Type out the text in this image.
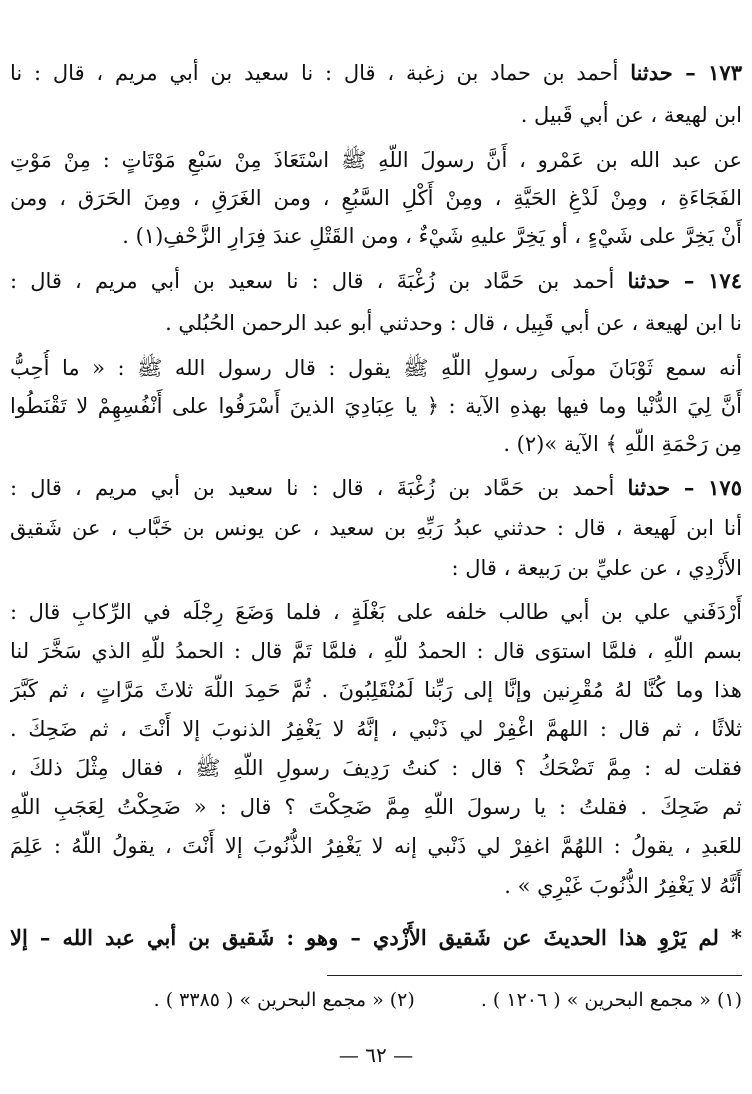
١٧٣ – حدثنا أحمد بن حماد بن زغبة ، قال : نا سعيد بن أبي مريم ، قال : نا
ابن لهيعة ، عن أبي قَبيل .
عن عبد الله بن عَمْرو ، أَنَّ رسولَ اللّهِ ﷺ اسْتَعَاذَ مِنْ سَبْعِ مَوْتَاتٍ : مِنْ مَوْتِ
الفَجَاءَةِ ، ومِنْ لَدْغِ الحَيَّةِ ، ومِنْ أَكْلِ السَّبُعِ ، ومن الغَرَقِ ، ومِنَ الحَرَق ، ومن
أَنْ يَخِرَّ على شَيْءٍ ، أو يَخِرَّ عليهِ شَيْءٌ ، ومن القَتْلِ عندَ فِرَارِ الزَّحْفِ(١) .
١٧٤ – حدثنا أحمد بن حَمَّاد بن زُغْبَةَ ، قال : نا سعيد بن أبي مريم ، قال :
نا ابن لهيعة ، عن أبي قَبِيل ، قال : وحدثني أبو عبد الرحمن الحُبُلي .
أنه سمع ثَوْبَانَ مولَى رسولِ اللّهِ ﷺ يقول : قال رسول الله ﷺ : « ما أُحِبُّ
أَنَّ لِيَ الدُّنْيا وما فيها بهذهِ الآية : ﴿ يا عِبَادِيَ الذينَ أَسْرَفُوا على أَنْفُسِهِمْ لا تَقْنَطُوا
مِن رَحْمَةِ اللّهِ ﴾ الآية »(٢) .
١٧٥ – حدثنا أحمد بن حَمَّاد بن زُغْبَةَ ، قال : نا سعيد بن أبي مريم ، قال :
أنا ابن لَهيعة ، قال : حدثني عبدُ رَبِّهِ بن سعيد ، عن يونس بن خَبَّاب ، عن شَقيق
الأَزْدِي ، عن عليِّ بن رَبيعة ، قال :
أَرْدَفَني علي بن أبي طالب خلفه على بَغْلَةٍ ، فلما وَضَعَ رِجْلَه في الرِّكابِ قال :
بسم اللّهِ ، فلمَّا استوَى قال : الحمدُ للّهِ ، فلمَّا تَمَّ قال : الحمدُ للّهِ الذي سَخَّرَ لنا
هذا وما كُنَّا لهُ مُقْرِنين وإنَّا إلى رَبِّنا لَمُنْقَلِبُونَ . ثُمَّ حَمِدَ اللّهَ ثلاثَ مَرَّاتٍ ، ثم كَبَّرَ
ثلاثًا ، ثم قال : اللهمَّ اغْفِرْ لي ذَنْبي ، إنَّهُ لا يَغْفِرُ الذنوبَ إلا أَنْتَ ، ثم ضَحِكَ .
فقلت له : مِمَّ تَضْحَكُ ؟ قال : كنتُ رَدِيفَ رسولِ اللّهِ ﷺ ، فقال مِثْلَ ذلكَ ،
ثم ضَحِكَ . فقلتُ : يا رسولَ اللّهِ مِمَّ ضَحِكْتَ ؟ قال : « ضَحِكْتُ لِعَجَبِ اللّهِ
للعَبدِ ، يقولُ : اللهُمَّ اغفِرْ لي ذَنْبي إنه لا يَغْفِرُ الذُّنُوبَ إلا أَنْتَ ، يقولُ اللّهُ : عَلِمَ
أَنَّهُ لا يَغْفِرُ الذُّنُوبَ غَيْرِي » .
* لم يَرْوِ هذا الحديثَ عن شَقيق الأَزْدي – وهو : شَقيق بن أبي عبد الله – إلا
(١) « مجمع البحرين » ( ١٢٠٦ ) . (٢) « مجمع البحرين » ( ٣٣٨٥ ) .
— ٦٢ —
